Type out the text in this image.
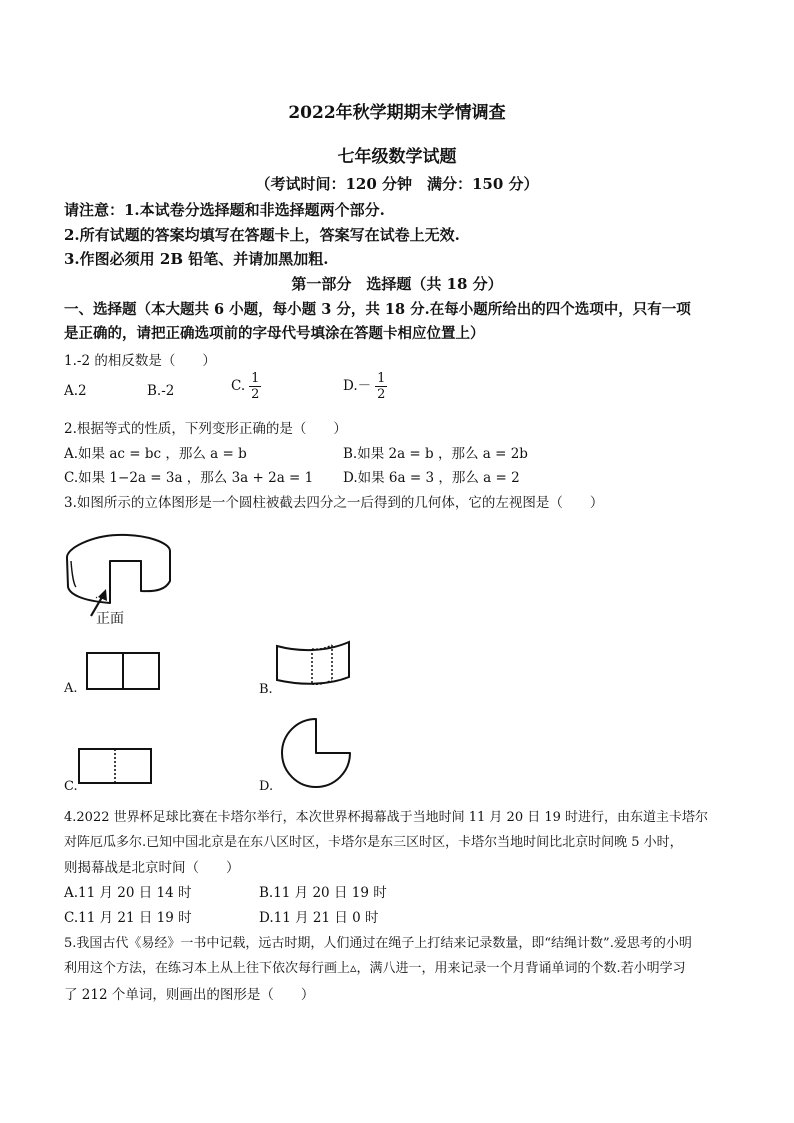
2022年秋学期期末学情调查
七年级数学试题
（考试时间：120 分钟　满分：150 分）
请注意：1.本试卷分选择题和非选择题两个部分.
2.所有试题的答案均填写在答题卡上，答案写在试卷上无效.
3.作图必须用 2B 铅笔、并请加黑加粗.
第一部分　选择题（共 18 分）
一、选择题（本大题共 6 小题，每小题 3 分，共 18 分.在每小题所给出的四个选项中，只有一项
是正确的，请把正确选项前的字母代号填涂在答题卡相应位置上）
1.-2 的相反数是（　　）
A.2	B.-2	C. $\frac{1}{2}$	$D.- \frac{1}{2}$
2.根据等式的性质，下列变形正确的是（　　）
A.如果 ac = bc ，那么 a = b	B.如果 2a = b ，那么 a = 2b
C.如果 1−2a = 3a ，那么 3a + 2a = 1 D.如果 6a = 3 ，那么 a = 2
3.如图所示的立体图形是一个圆柱被截去四分之一后得到的几何体，它的左视图是（　　）
正面
A.	B.
C.	D.
4.2022 世界杯足球比赛在卡塔尔举行，本次世界杯揭幕战于当地时间 11 月 20 日 19 时进行，由东道主卡塔尔
对阵厄瓜多尔.已知中国北京是在东八区时区，卡塔尔是东三区时区，卡塔尔当地时间比北京时间晚 5 小时，
则揭幕战是北京时间（　　）
A.11 月 20 日 14 时	B.11 月 20 日 19 时
C.11 月 21 日 19 时	D.11 月 21 日 0 时
5.我国古代《易经》一书中记载，远古时期，人们通过在绳子上打结来记录数量，即“结绳计数”.爱思考的小明
利用这个方法，在练习本上从上往下依次每行画上▵，满八进一，用来记录一个月背诵单词的个数.若小明学习
了 212 个单词，则画出的图形是（　　）
